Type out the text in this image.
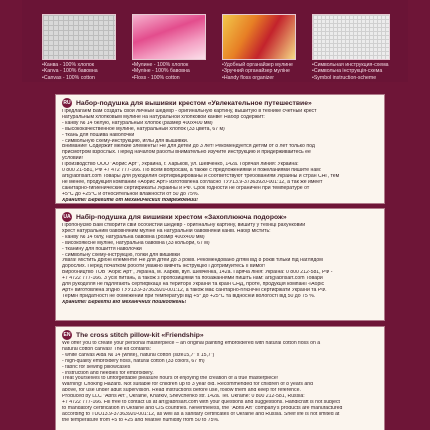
• Канва - 100% хлопок
• Kanva - 100% бавовна
• Canvas - 100% cotton
• Мулине - 100% хлопок
• Муліне - 100% бавовна
• Floss - 100% cotton
• Удобный органайзер мулине
• Зручний органайзер муліне
• Handy floss organizer
• Символьная инструкция-схема
• Символьна інструкція-схема
• Symbol instruction-scheme
RU Набор-подушка для вышивки крестом «Увлекательное путешествие»
Предлагаем Вам создать свой личный шедевр - оригинальную картину, вышитую в технике счетный крест
натуральным хлопковым мулине на натуральной хлопковой канве! Набор содержит:
- канву № 14 белую, натуральный хлопок (размер 400х400 мм)
- высококачественное мулине, натуральный хлопок (33 цвета, 67 м)
- ткань для пошива наволочки
- символьную схему-инструкцию, иглы для вышивки.
Внимание! Содержит мелкие элементы! Не для детей до 3 лет! Рекомендуется детям от 8 лет только под
присмотром взрослых. Перед началом работы внимательно изучите инструкцию и придерживайтесь ее
условий!
Производство ООО "Абрис Арт", Украина, г. Харьков, ул. Шевченко, 142а. Горячая линия: Украина:
0 800 21-581, РФ +7 472 777-166. По всем вопросам, а также с предложениями и пожеланиями пишите нам:
art@abrisart.com Товары для рукоделия сертифицированы и соответствуют требованиям Украины и стран СНГ, тем
не менее, продукция компании «Абрис Арт» изготовлена согласно ТУУ13.9-37363920-001:12, а так же имеет
санитарно-гигиенические сертификаты Украины и РФ. Срок годности не ограничен при температуре от
+5°С до +25°С и относительной влажности от 50 до 75%.
Храните! Берегите от механических повреждений!
UA Набір-подушка для вишивки хрестом «Захоплююча подорож»
Пропонуємо Вам створити свій особистий шедевр - оригінальну картину, вишиту у техніці рахунковий
хрест натуральним бавовняним муліне на натуральній бавовняній канві. Набір містить:
- канву № 14 білу, натуральна бавовна (розмір 400х400 мм)
- високоякісне муліне, натуральна бавовна (33 кольори, 67 м)
- тканину для пошиття наволочки
- символьну схему-інструкцію, голки для вишивки
Увага! Містить дрібні елементи! Не для дітей до 3 років. Рекомендовано дітям від 8 років тільки під наглядом
дорослих. Перед початком роботи уважно вивчіть інструкцію і дотримуйтесь її вимог!
Виробництво ТОВ "Абріс Арт", Україна, м. Харків, вул. Шевченка, 142а. Гаряча лінія: Україна: 0 800 212-581, РФ -
+7 4722 777-166. З усіх питань, а також з пропозиціями та побажаннями пишіть нам: art@abrisart.com Товари
для рукоділля не підлягають сертифікації на території України та країн СНД, проте, продукція компанії «Абріс
Арт» виготовлена згідно ТУУ13.9-37363920-001:12, а також має санітарно-гігієнічні сертифікати України та РФ.
Термін придатності не обмежений при температурі від +5° до +25°С та відносній вологості від 50 до 75 %.
Храните! Берегти від механічних пошкоджень!
EN The cross stitch pillow-kit «Friendship»
We offer you to create your personal masterpiece – an original painting embroidered with natural cotton floss on a
natural cotton canvas! The kit contains:
- white canvas Aida № 14 (white), natural cotton (size15,7" x 15,7")
- high-quality embroidery floss, natural cotton (33 colors, 67 m)
- fabric for sewing pillowcases
- instruction and needles for embroidery.
Treat yourselves to unforgettable pleasure hours of enjoying the creation of a true masterpiece!
Warning! Choking Hazard. Not suitable for children up to 3 year old. Recommended for children of 8 years and
above, for use under adult supervision. Read instructions before use, follow them and keep for reference.
Produced by LLC "Abris Art", Ukraine, Kharkiv, Shevchenko str. 142a. Tel. Ukraine: 0 800 212-581, Russia:
+7 4722 777-166. Fill free to contact us at art@abrisart.com with your questions and suggestions. Handicraft is not subject
to mandatory certification in Ukraine and CIS countries. Nevertheless, the "Abris Art" company's products are manufactured
according to TUU13.9-37363920-001:12, as well as a sanitary certificates of Ukraine and Russia. Shelf life is not limited at
the temperature from +5 to +25 and relative humidity from 50 to 75%.
